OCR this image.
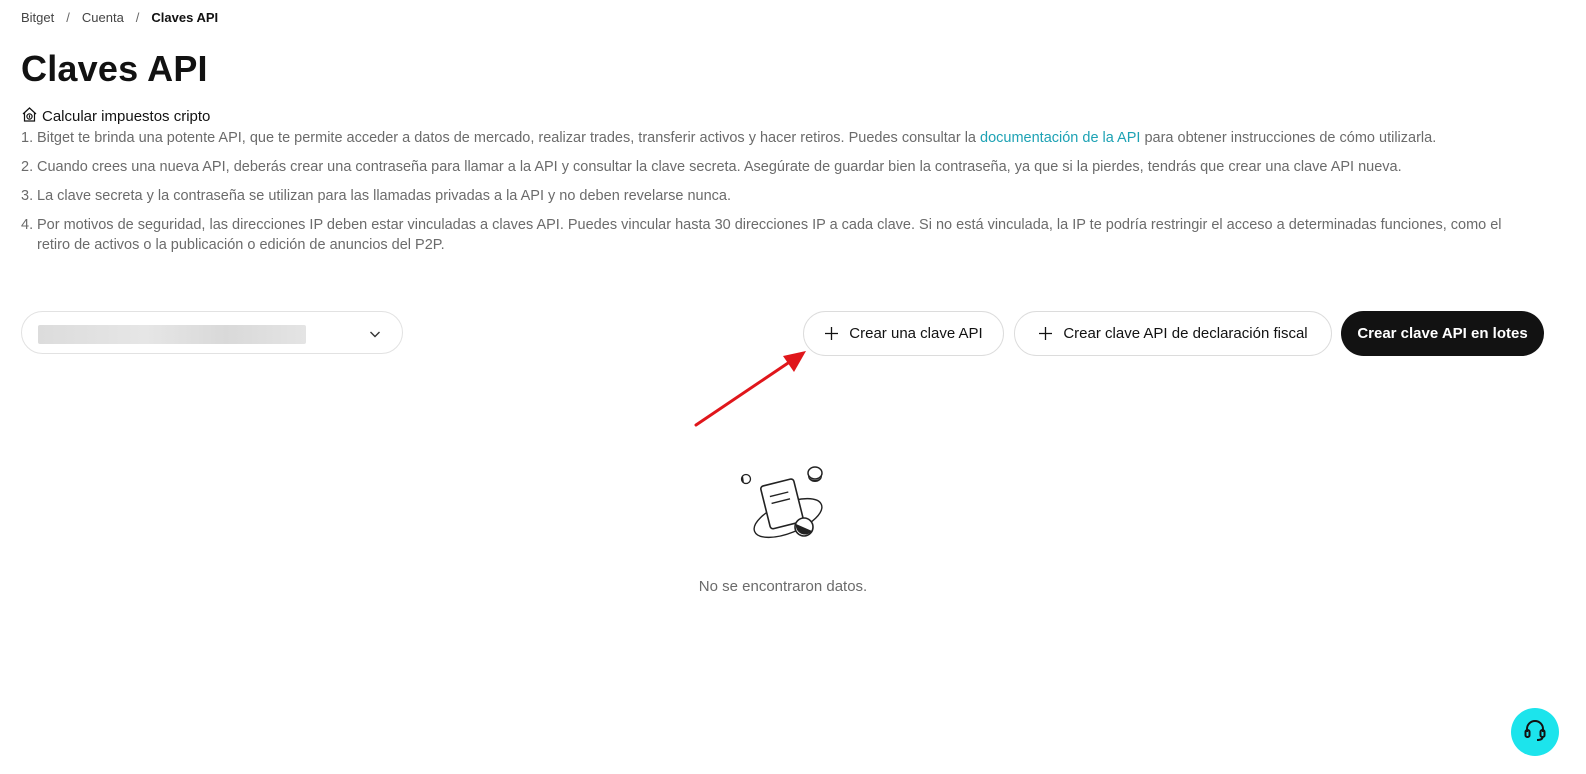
Bitget / Cuenta / Claves API
Claves API
Calcular impuestos cripto
1. Bitget te brinda una potente API, que te permite acceder a datos de mercado, realizar trades, transferir activos y hacer retiros. Puedes consultar la documentación de la API para obtener instrucciones de cómo utilizarla.
2. Cuando crees una nueva API, deberás crear una contraseña para llamar a la API y consultar la clave secreta. Asegúrate de guardar bien la contraseña, ya que si la pierdes, tendrás que crear una clave API nueva.
3. La clave secreta y la contraseña se utilizan para las llamadas privadas a la API y no deben revelarse nunca.
4. Por motivos de seguridad, las direcciones IP deben estar vinculadas a claves API. Puedes vincular hasta 30 direcciones IP a cada clave. Si no está vinculada, la IP te podría restringir el acceso a determinadas funciones, como el retiro de activos o la publicación o edición de anuncios del P2P.
Crear una clave API	Crear clave API de declaración fiscal	Crear clave API en lotes
No se encontraron datos.
